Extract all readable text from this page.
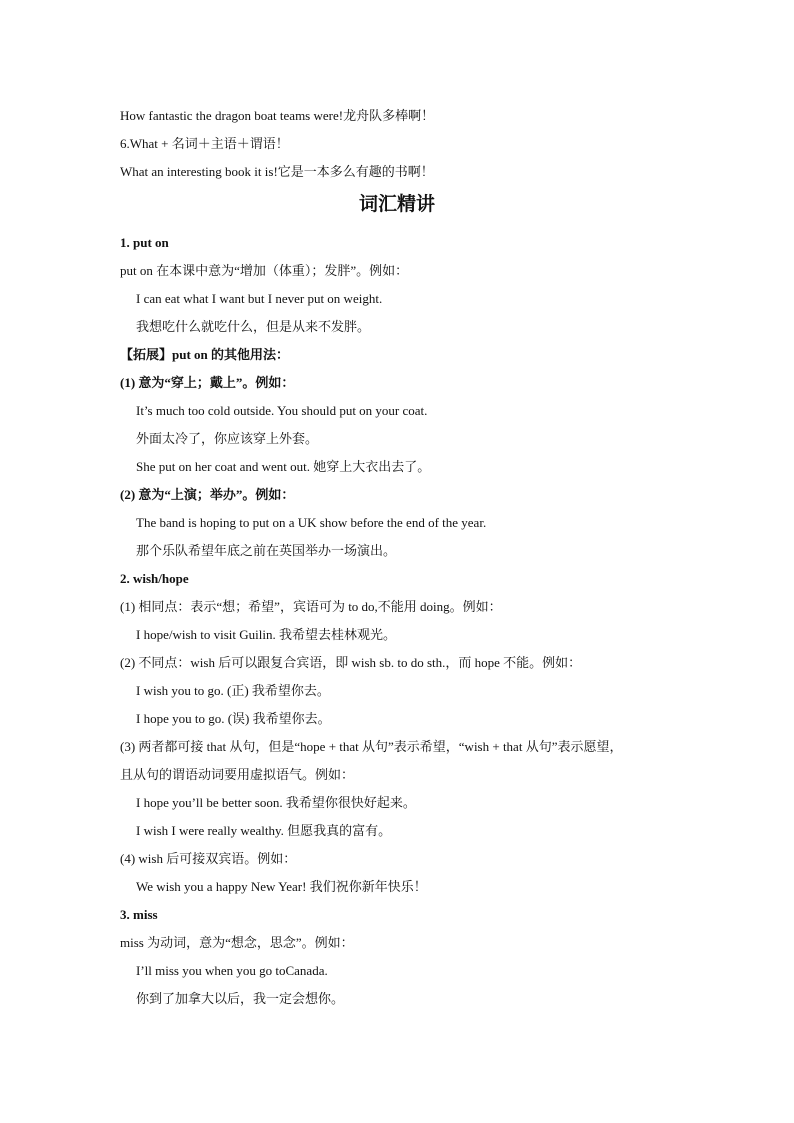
How fantastic the dragon boat teams were!龙舟队多棒啊！
6.What + 名词＋主语＋谓语！
What an interesting book it is!它是一本多么有趣的书啊！
词汇精讲
1. put on
put on 在本课中意为“增加（体重）；发胖”。例如：
I can eat what I want but I never put on weight.
我想吃什么就吃什么，但是从来不发胖。
【拓展】put on 的其他用法：
(1) 意为“穿上；戴上”。例如：
It’s much too cold outside. You should put on your coat.
外面太冷了，你应该穿上外套。
She put on her coat and went out. 她穿上大衣出去了。
(2) 意为“上演；举办”。例如：
The band is hoping to put on a UK show before the end of the year.
那个乐队希望年底之前在英国举办一场演出。
2. wish/hope
(1) 相同点：表示“想；希望”，宾语可为 to do,不能用 doing。例如：
I hope/wish to visit Guilin. 我希望去桂林观光。
(2) 不同点：wish 后可以跟复合宾语，即 wish sb. to do sth.，而 hope 不能。例如：
I wish you to go. (正) 我希望你去。
I hope you to go. (误) 我希望你去。
(3) 两者都可接 that 从句，但是“hope + that 从句”表示希望，“wish + that 从句”表示愿望，
且从句的谓语动词要用虚拟语气。例如：
I hope you’ll be better soon. 我希望你很快好起来。
I wish I were really wealthy. 但愿我真的富有。
(4) wish 后可接双宾语。例如：
We wish you a happy New Year! 我们祝你新年快乐！
3. miss
miss 为动词，意为“想念，思念”。例如：
I’ll miss you when you go toCanada.
你到了加拿大以后，我一定会想你。
